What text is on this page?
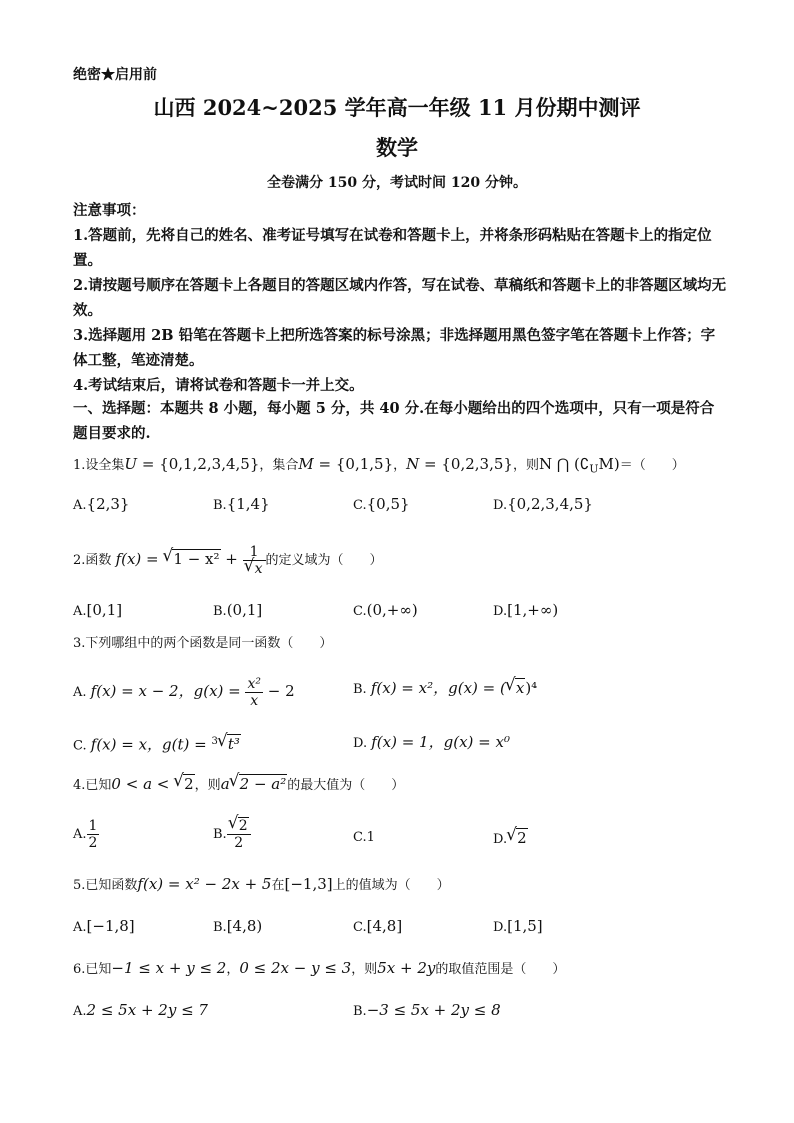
绝密★启用前
山西 2024~2025 学年高一年级 11 月份期中测评
数学
全卷满分 150 分，考试时间 120 分钟。

注意事项：

1.答题前，先将自己的姓名、准考证号填写在试卷和答题卡上，并将条形码粘贴在答题卡上的指定位置。

2.请按题号顺序在答题卡上各题目的答题区域内作答，写在试卷、草稿纸和答题卡上的非答题区域均无效。

3.选择题用 2B 铅笔在答题卡上把所选答案的标号涂黑；非选择题用黑色签字笔在答题卡上作答；字体工整，笔迹清楚。

4.考试结束后，请将试卷和答题卡一并上交。

一、选择题：本题共 8 小题，每小题 5 分，共 40 分.在每小题给出的四个选项中，只有一项是符合题目要求的.
1.设全集U = {0,1,2,3,4,5}，集合M = {0,1,5}，N = {0,2,3,5}，则N ⋂ $(∁_UM)=$（　　）
A.{2,3}	B.{1,4}	C.{0,5}	D.{0,2,3,4,5}
2.函数 f(x) = √ 1 − x² + 1
√ x 的定义域为（　　）
A.[0,1]	B.(0,1]	C.(0,+∞)	D.[1,+∞)
3.下列哪组中的两个函数是同一函数（　　）
A. f(x) = x − 2，$g(x) = \frac{\text{x²}}{x} - 2$	B. f(x) = x²，g(x) = ( √ x)⁴
C. f(x) = x，g(t) = $^3$ √ t³	D. f(x) = 1，g(x) = x⁰
4.已知0 < a < √ 2，则a √ 2 − a²的最大值为（　　）
A. $\frac{1}{2}$	B. √ $\frac{2}{2}$	C.1	D. √ 2
5.已知函数f(x) = x² − 2x + 5在[−1,3]上的值域为（　　）
A.[−1,8]	B.[4,8)	C.[4,8]	D.[1,5]
6.已知−1 ≤ x + y ≤ 2，0 ≤ 2x − y ≤ 3，则5x + 2y的取值范围是（　　）
A.2 ≤ 5x + 2y ≤ 7	B.−3 ≤ 5x + 2y ≤ 8
